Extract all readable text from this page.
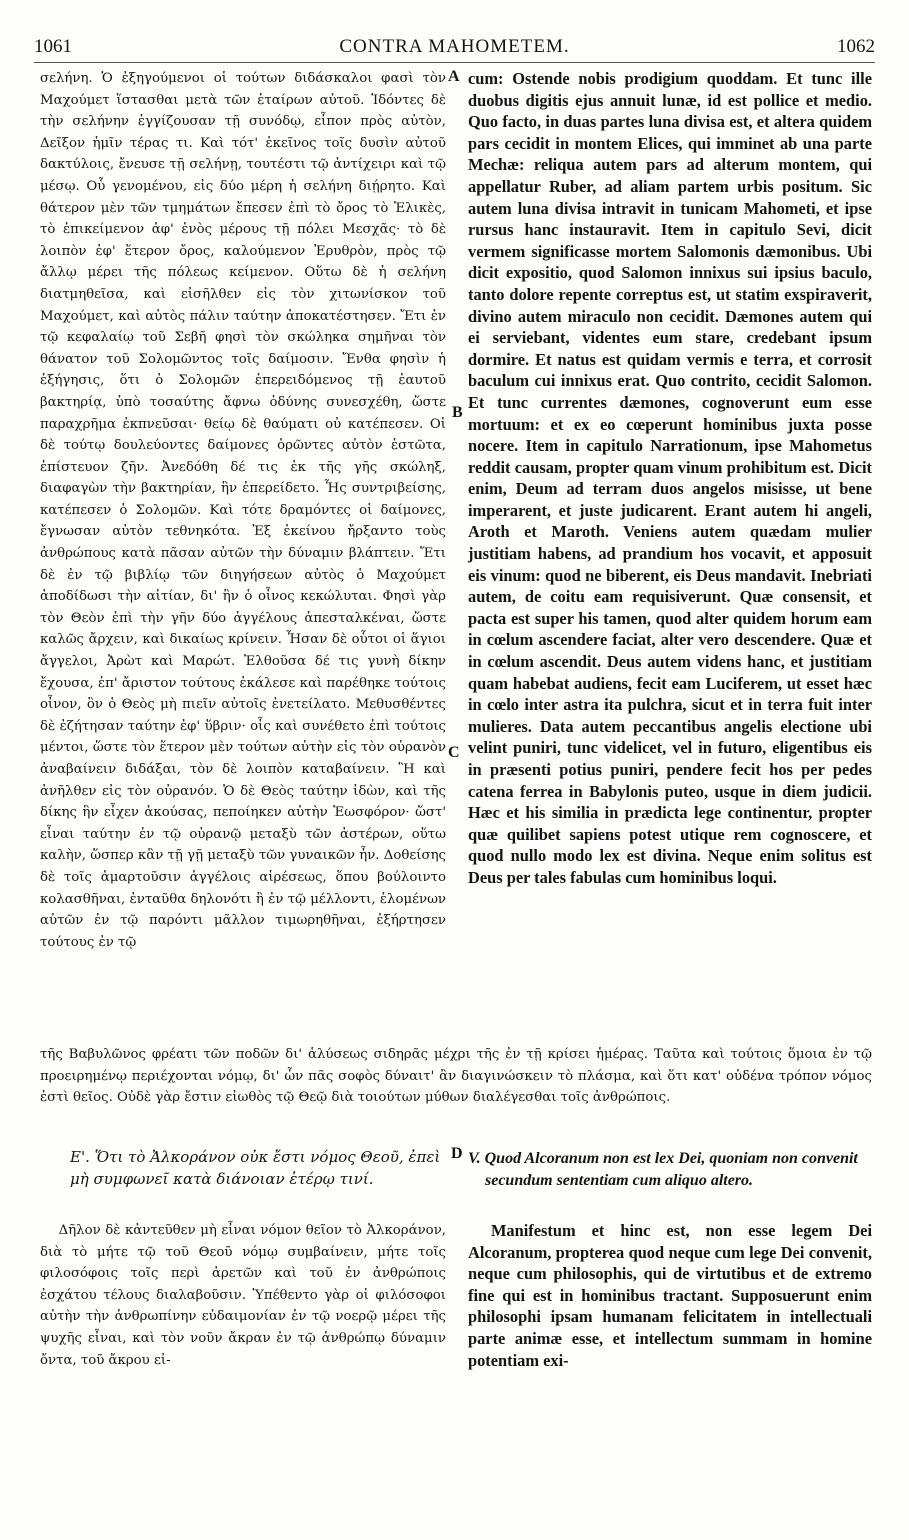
1061	CONTRA MAHOMETEM.	1062

σελήνη. Ὁ ἐξηγούμενοι οἱ τούτων διδάσκαλοι φασὶ τὸν Μαχούμετ ἵστασθαι μετὰ τῶν ἑταίρων αὐτοῦ. Ἰδόντες δὲ τὴν σελήνην ἐγγίζουσαν τῇ συνόδῳ, εἶπον πρὸς αὐτὸν, Δεῖξον ἡμῖν τέρας τι. Καὶ τότ' ἐκεῖνος τοῖς δυσὶν αὐτοῦ δακτύλοις, ἔνευσε τῇ σελήνῃ, τουτέστι τῷ ἀντίχειρι καὶ τῷ μέσῳ. Οὗ γενομένου, εἰς δύο μέρη ἡ σελήνη διῄρητο. Καὶ θάτερον μὲν τῶν τμημάτων ἔπεσεν ἐπὶ τὸ ὄρος τὸ Ἑλικὲς, τὸ ἐπικείμενον ἀφ' ἑνὸς μέρους τῇ πόλει Μεσχᾶς· τὸ δὲ λοιπὸν ἐφ' ἕτερον ὄρος, καλούμενον Ἐρυθρὸν, πρὸς τῷ ἄλλῳ μέρει τῆς πόλεως κείμενον. Οὕτω δὲ ἡ σελήνη διατμηθεῖσα, καὶ εἰσῆλθεν εἰς τὸν χιτωνίσκον τοῦ Μαχούμετ, καὶ αὐτὸς πάλιν ταύτην ἀποκατέστησεν. Ἔτι ἐν τῷ κεφαλαίῳ τοῦ Σεβῆ φησὶ τὸν σκώληκα σημῆναι τὸν θάνατον τοῦ Σολομῶντος τοῖς δαίμοσιν. Ἔνθα φησὶν ἡ ἐξήγησις, ὅτι ὁ Σολομῶν ἐπερειδόμενος τῇ ἑαυτοῦ βακτηρίᾳ, ὑπὸ τοσαύτης ἄφνω ὀδύνης συνεσχέθη, ὥστε παραχρῆμα ἐκπνεῦσαι· θείῳ δὲ θαύματι οὐ κατέπεσεν. Οἱ δὲ τούτῳ δουλεύοντες δαίμονες ὁρῶντες αὐτὸν ἑστῶτα, ἐπίστευον ζῆν. Ἀνεδόθη δέ τις ἐκ τῆς γῆς σκώληξ, διαφαγὼν τὴν βακτηρίαν, ἣν ἐπερείδετο. Ἧς συντριβείσης, κατέπεσεν ὁ Σολομῶν. Καὶ τότε δραμόντες οἱ δαίμονες, ἔγνωσαν αὐτὸν τεθνηκότα. Ἐξ ἐκείνου ἤρξαντο τοὺς ἀνθρώπους κατὰ πᾶσαν αὐτῶν τὴν δύναμιν βλάπτειν. Ἔτι δὲ ἐν τῷ βιβλίῳ τῶν διηγήσεων αὐτὸς ὁ Μαχούμετ ἀποδίδωσι τὴν αἰτίαν, δι' ἣν ὁ οἶνος κεκώλυται. Φησὶ γὰρ τὸν Θεὸν ἐπὶ τὴν γῆν δύο ἀγγέλους ἀπεσταλκέναι, ὥστε καλῶς ἄρχειν, καὶ δικαίως κρίνειν. Ἦσαν δὲ οὗτοι οἱ ἅγιοι ἄγγελοι, Ἀρὼτ καὶ Μαρώτ. Ἐλθοῦσα δέ τις γυνὴ δίκην ἔχουσα, ἐπ' ἄριστον τούτους ἐκάλεσε καὶ παρέθηκε τούτοις οἶνον, ὃν ὁ Θεὸς μὴ πιεῖν αὐτοῖς ἐνετείλατο. Μεθυσθέντες δὲ ἐζήτησαν ταύτην ἐφ' ὕβριν· οἷς καὶ συνέθετο ἐπὶ τούτοις μέντοι, ὥστε τὸν ἕτερον μὲν τούτων αὐτὴν εἰς τὸν οὐρανὸν ἀναβαίνειν διδάξαι, τὸν δὲ λοιπὸν καταβαίνειν. Ἣ καὶ ἀνῆλθεν εἰς τὸν οὐρανόν. Ὁ δὲ Θεὸς ταύτην ἰδὼν, καὶ τῆς δίκης ἣν εἶχεν ἀκούσας, πεποίηκεν αὐτὴν Ἑωσφόρον· ὥστ' εἶναι ταύτην ἐν τῷ οὐρανῷ μεταξὺ τῶν ἀστέρων, οὕτω καλὴν, ὥσπερ κἂν τῇ γῇ μεταξὺ τῶν γυναικῶν ἦν. Δοθείσης δὲ τοῖς ἁμαρτοῦσιν ἀγγέλοις αἱρέσεως, ὅπου βούλοιντο κολασθῆναι, ἐνταῦθα δηλονότι ἢ ἐν τῷ μέλλοντι, ἑλομένων αὐτῶν ἐν τῷ παρόντι μᾶλλον τιμωρηθῆναι, ἐξήρτησεν τούτους ἐν τῷ

A
B
C
D

cum: Ostende nobis prodigium quoddam. Et tunc ille duobus digitis ejus annuit lunæ, id est pollice et medio. Quo facto, in duas partes luna divisa est, et altera quidem pars cecidit in montem Elices, qui imminet ab una parte Mechæ: reliqua autem pars ad alterum montem, qui appellatur Ruber, ad aliam partem urbis positum. Sic autem luna divisa intravit in tunicam Mahometi, et ipse rursus hanc instauravit. Item in capitulo Sevi, dicit vermem significasse mortem Salomonis dæmonibus. Ubi dicit expositio, quod Salomon innixus sui ipsius baculo, tanto dolore repente correptus est, ut statim exspiraverit, divino autem miraculo non cecidit. Dæmones autem qui ei serviebant, videntes eum stare, credebant ipsum dormire. Et natus est quidam vermis e terra, et corrosit baculum cui innixus erat. Quo contrito, cecidit Salomon. Et tunc currentes dæmones, cognoverunt eum esse mortuum: et ex eo cœperunt hominibus juxta posse nocere. Item in capitulo Narrationum, ipse Mahometus reddit causam, propter quam vinum prohibitum est. Dicit enim, Deum ad terram duos angelos misisse, ut bene imperarent, et juste judicarent. Erant autem hi angeli, Aroth et Maroth. Veniens autem quædam mulier justitiam habens, ad prandium hos vocavit, et apposuit eis vinum: quod ne biberent, eis Deus mandavit. Inebriati autem, de coitu eam requisiverunt. Quæ consensit, et pacta est super his tamen, quod alter quidem horum eam in cœlum ascendere faciat, alter vero descendere. Quæ et in cœlum ascendit. Deus autem videns hanc, et justitiam quam habebat audiens, fecit eam Luciferem, ut esset hæc in cœlo inter astra ita pulchra, sicut et in terra fuit inter mulieres. Data autem peccantibus angelis electione ubi velint puniri, tunc videlicet, vel in futuro, eligentibus eis in præsenti potius puniri, pendere fecit hos per pedes catena ferrea in Babylonis puteo, usque in diem judicii. Hæc et his similia in prædicta lege continentur, propter quæ quilibet sapiens potest utique rem cognoscere, et quod nullo modo lex est divina. Neque enim solitus est Deus per tales fabulas cum hominibus loqui.

τῆς Βαβυλῶνος φρέατι τῶν ποδῶν δι' ἁλύσεως σιδηρᾶς μέχρι τῆς ἐν τῇ κρίσει ἡμέρας. Ταῦτα καὶ τούτοις ὅμοια ἐν τῷ προειρημένῳ περιέχονται νόμῳ, δι' ὧν πᾶς σοφὸς δύναιτ' ἂν διαγινώσκειν τὸ πλάσμα, καὶ ὅτι κατ' οὐδένα τρόπον νόμος ἐστὶ θεῖος. Οὐδὲ γὰρ ἔστιν εἰωθὸς τῷ Θεῷ διὰ τοιούτων μύθων διαλέγεσθαι τοῖς ἀνθρώποις.

Ε'. Ὅτι τὸ Ἀλκοράνον οὐκ ἔστι νόμος Θεοῦ, ἐπεὶ μὴ συμφωνεῖ κατὰ διάνοιαν ἑτέρῳ τινί.
V. Quod Alcoranum non est lex Dei, quoniam non convenit secundum sententiam cum aliquo altero.

Δῆλον δὲ κἀντεῦθεν μὴ εἶναι νόμον θεῖον τὸ Ἀλκοράνον, διὰ τὸ μήτε τῷ τοῦ Θεοῦ νόμῳ συμβαίνειν, μήτε τοῖς φιλοσόφοις τοῖς περὶ ἀρετῶν καὶ τοῦ ἐν ἀνθρώποις ἐσχάτου τέλους διαλαβοῦσιν. Ὑπέθεντο γὰρ οἱ φιλόσοφοι αὐτὴν τὴν ἀνθρωπίνην εὐδαιμονίαν ἐν τῷ νοερῷ μέρει τῆς ψυχῆς εἶναι, καὶ τὸν νοῦν ἄκραν ἐν τῷ ἀνθρώπῳ δύναμιν ὄντα, τοῦ ἄκρου εἰ-

Manifestum et hinc est, non esse legem Dei Alcoranum, propterea quod neque cum lege Dei convenit, neque cum philosophis, qui de virtutibus et de extremo fine qui est in hominibus tractant. Supposuerunt enim philosophi ipsam humanam felicitatem in intellectuali parte animæ esse, et intellectum summam in homine potentiam exi-
